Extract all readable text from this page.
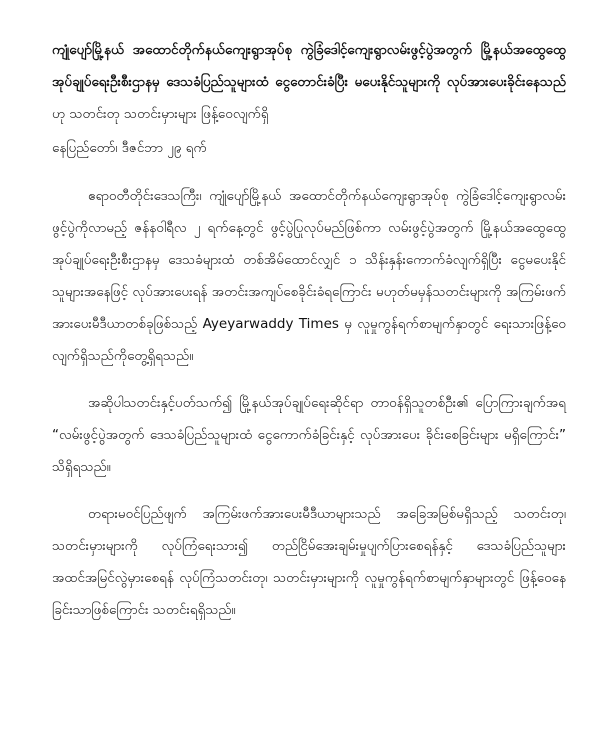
ကျုံပျော်မြို့နယ် အထောင်တိုက်နယ်ကျေးရွာအုပ်စု ကွဲခြံဒေါင့်ကျေးရွာလမ်းဖွင့်ပွဲအတွက် မြို့နယ်အထွေထွေအုပ်ချုပ်ရေးဦးစီးဌာနမှ ဒေသခံပြည်သူများထံ ငွေတောင်းခံပြီး မပေးနိုင်သူများကို လုပ်အားပေးခိုင်းနေသည် ဟု သတင်းတု သတင်းမှားများ ဖြန့်ဝေလျက်ရှိ

နေပြည်တော်၊ ဒီဇင်ဘာ ၂၉ ရက်

ဧရာဝတီတိုင်းဒေသကြီး၊ ကျုံပျော်မြို့နယ် အထောင်တိုက်နယ်ကျေးရွာအုပ်စု ကွဲခြံဒေါင့်ကျေးရွာလမ်းဖွင့်ပွဲကိုလာမည့် ဇန်နဝါရီလ ၂ ရက်နေ့တွင် ဖွင့်ပွဲပြုလုပ်မည်ဖြစ်ကာ လမ်းဖွင့်ပွဲအတွက် မြို့နယ်အထွေထွေအုပ်ချုပ်ရေးဦးစီးဌာနမှ ဒေသခံများထံ တစ်အိမ်ထောင်လျှင် ၁ သိန်းနှန်းကောက်ခံလျက်ရှိပြီး ငွေမပေးနိုင်သူများအနေဖြင့် လုပ်အားပေးရန် အတင်းအကျပ်စေခိုင်းခံရကြောင်း မဟုတ်မမှန်သတင်းများကို အကြမ်းဖက်အားပေးမီဒီယာတစ်ခုဖြစ်သည့် Ayeyarwaddy Times မှ လူမှုကွန်ရက်စာမျက်နှာတွင် ရေးသားဖြန့်ဝေလျက်ရှိသည်ကိုတွေ့ရှိရသည်။

အဆိုပါသတင်းနှင့်ပတ်သက်၍ မြို့နယ်အုပ်ချုပ်ရေးဆိုင်ရာ တာဝန်ရှိသူတစ်ဦး၏ ပြောကြားချက်အရ “လမ်းဖွင့်ပွဲအတွက် ဒေသခံပြည်သူများထံ ငွေကောက်ခံခြင်းနှင့် လုပ်အားပေး ခိုင်းစေခြင်းများ မရှိကြောင်း” သိရှိရသည်။

တရားမဝင်ပြည်ဖျက် အကြမ်းဖက်အားပေးမီဒီယာများသည် အခြေအမြစ်မရှိသည့် သတင်းတု၊ သတင်းမှားများကို လုပ်ကြံရေးသား၍ တည်ငြိမ်အေးချမ်းမှုပျက်ပြားစေရန်နှင့် ဒေသခံပြည်သူများ အထင်အမြင်လွဲမှားစေရန် လုပ်ကြံသတင်းတု၊ သတင်းမှားများကို လူမှုကွန်ရက်စာမျက်နှာများတွင် ဖြန့်ဝေနေခြင်းသာဖြစ်ကြောင်း သတင်းရရှိသည်။
